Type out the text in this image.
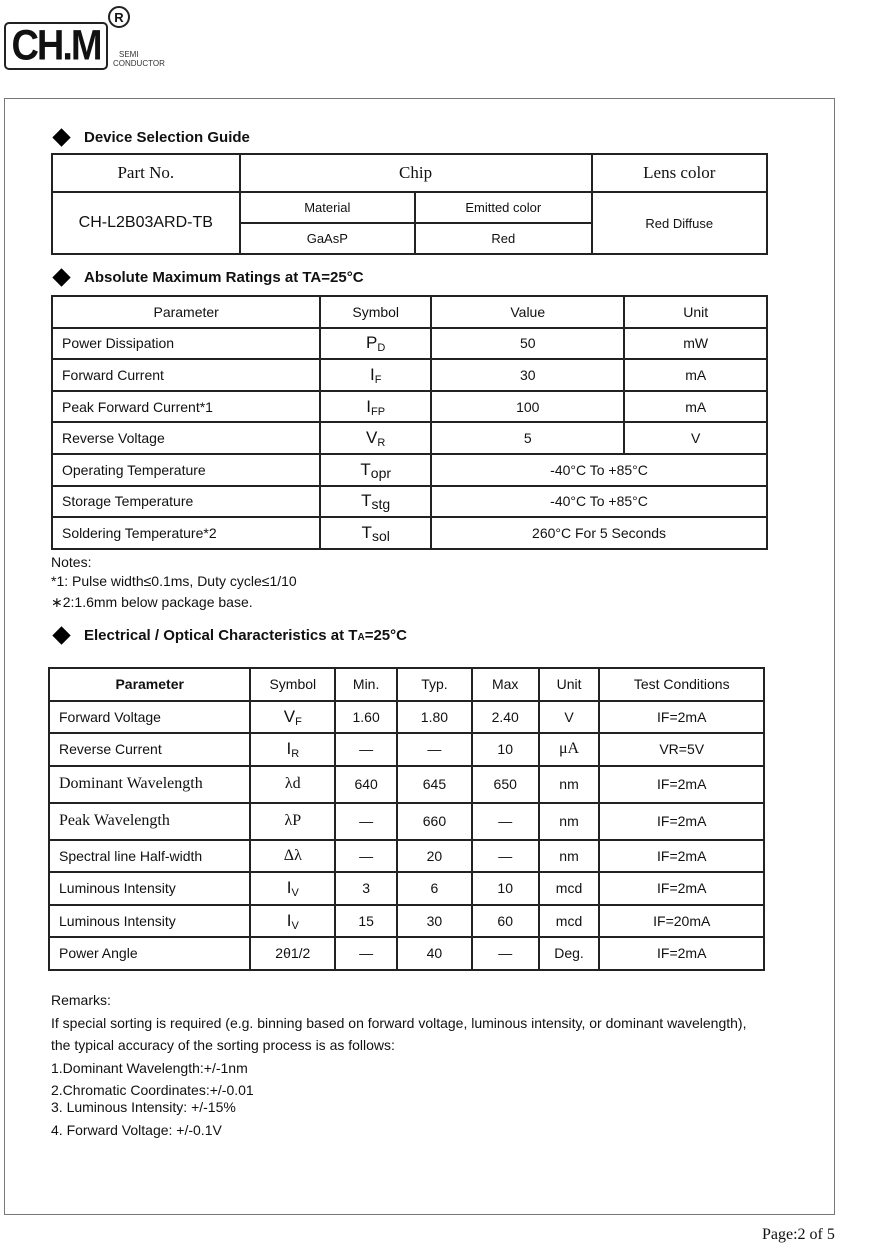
CH.M
R
SEMI
CONDUCTOR
Device Selection Guide
Part No.	Chip		Lens color
CH-L2B03ARD-TB	Material	Emitted color	Red Diffuse
	GaAsP	Red	
Absolute Maximum Ratings at TA=25°C
Parameter	Symbol	Value	Unit
Power Dissipation	$P_D$	50	mW
Forward Current	$I_F$	30	mA
Peak Forward Current*1	$I_{FP}$	100	mA
Reverse Voltage	$V_R$	5	V
Operating Temperature	$T_{opr}$	-40°C To +85°C	
Storage Temperature	$T_{stg}$	-40°C To +85°C	
Soldering Temperature*2	$T_{sol}$	260°C For 5 Seconds	
Notes:
*1: Pulse width≤0.1ms, Duty cycle≤1/10
∗2:1.6mm below package base.
Electrical / Optical Characteristics at T A =25°C
Parameter	Symbol	Min.	Typ.	Max	Unit	Test Conditions
Forward Voltage	$V_F$	1.60	1.80	2.40	V	IF=2mA
Reverse Current	$I_R$	—	—	10	μA	VR=5V
Dominant Wavelength	λd	640	645	650	nm	IF=2mA
Peak Wavelength	λP	—	660	—	nm	IF=2mA
Spectral line Half-width	Δλ	—	20	—	nm	IF=2mA
Luminous Intensity	$I_V$	3	6	10	mcd	IF=2mA
Luminous Intensity	$I_V$	15	30	60	mcd	IF=20mA
Power Angle	2θ1/2	—	40	—	Deg.	IF=2mA
Remarks:
If special sorting is required (e.g. binning based on forward voltage, luminous intensity, or dominant wavelength),
the typical accuracy of the sorting process is as follows:
1.Dominant Wavelength:+/-1nm
2.Chromatic Coordinates:+/-0.01
3. Luminous Intensity: +/-15%
4. Forward Voltage: +/-0.1V
Page:2 of 5
